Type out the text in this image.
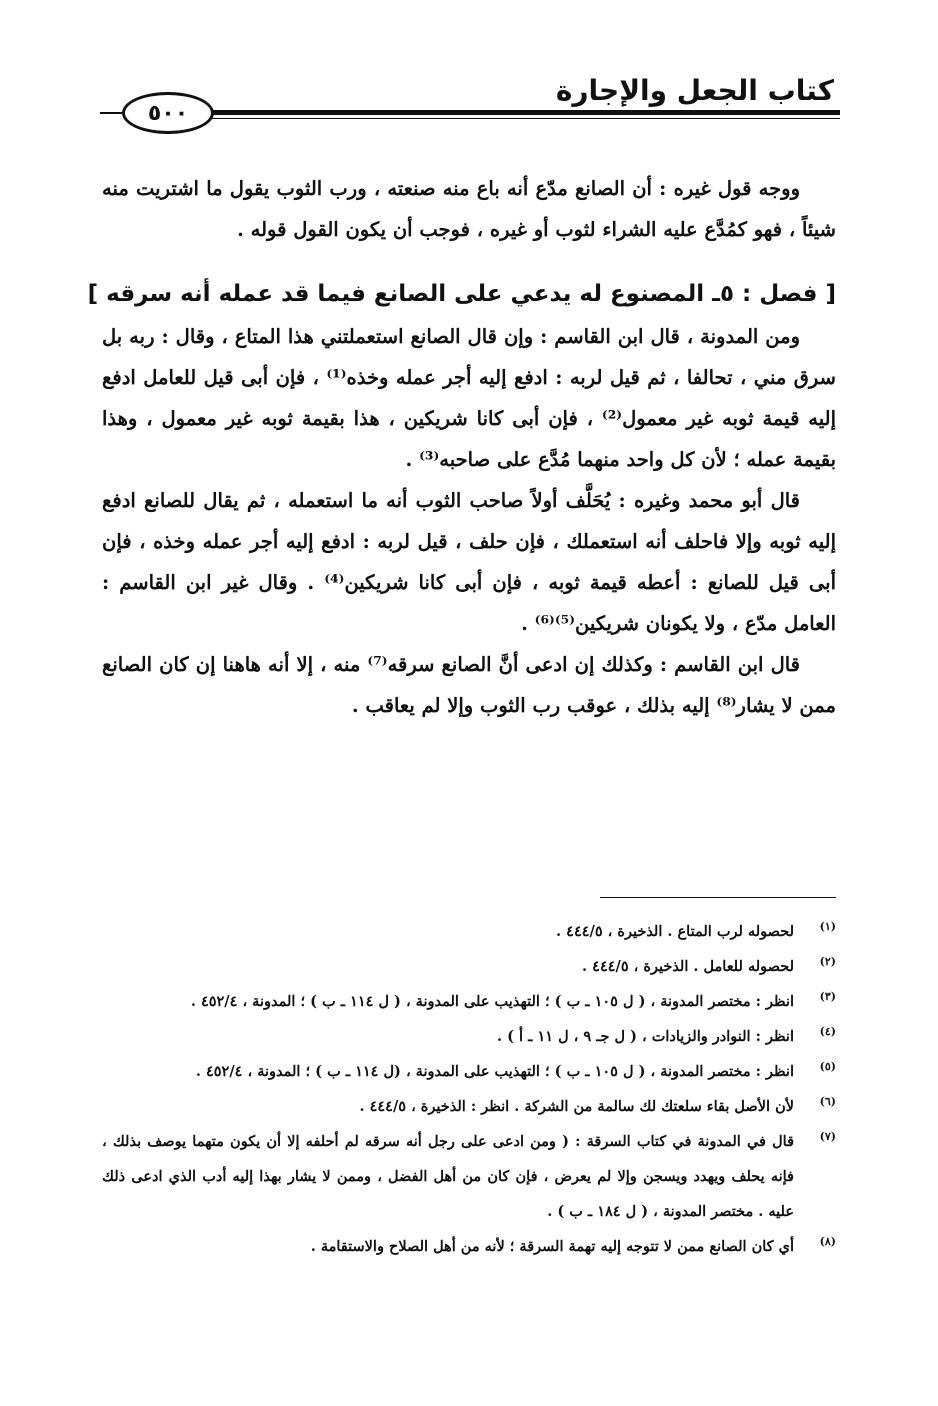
كتاب الجعل والإجارة
٥٠٠

ووجه قول غيره : أن الصانع مدّع أنه باع منه صنعته ، ورب الثوب يقول ما اشتريت منه شيئاً ، فهو كمُدَّع عليه الشراء لثوب أو غيره ، فوجب أن يكون القول قوله .

[ فصل : ٥ـ المصنوع له يدعي على الصانع فيما قد عمله أنه سرقه ]

ومن المدونة ، قال ابن القاسم : وإن قال الصانع استعملتني هذا المتاع ، وقال : ربه بل سرق مني ، تحالفا ، ثم قيل لربه : ادفع إليه أجر عمله وخذه⁽¹⁾ ، فإن أبى قيل للعامل ادفع إليه قيمة ثوبه غير معمول⁽²⁾ ، فإن أبى كانا شريكين ، هذا بقيمة ثوبه غير معمول ، وهذا بقيمة عمله ؛ لأن كل واحد منهما مُدَّع على صاحبه⁽³⁾ .

قال أبو محمد وغيره : يُحَلَّف أولاً صاحب الثوب أنه ما استعمله ، ثم يقال للصانع ادفع إليه ثوبه وإلا فاحلف أنه استعملك ، فإن حلف ، قيل لربه : ادفع إليه أجر عمله وخذه ، فإن أبى قيل للصانع : أعطه قيمة ثوبه ، فإن أبى كانا شريكين⁽⁴⁾ . وقال غير ابن القاسم : العامل مدّع ، ولا يكونان شريكين⁽⁵⁾⁽⁶⁾ .

قال ابن القاسم : وكذلك إن ادعى أنَّ الصانع سرقه⁽⁷⁾ منه ، إلا أنه هاهنا إن كان الصانع ممن لا يشار⁽⁸⁾ إليه بذلك ، عوقب رب الثوب وإلا لم يعاقب .

(١)
لحصوله لرب المتاع . الذخيرة ، ٤٤٤/٥ .
(٢)
لحصوله للعامل . الذخيرة ، ٤٤٤/٥ .
(٣)
انظر : مختصر المدونة ، ( ل ١٠٥ ـ ب ) ؛ التهذيب على المدونة ، ( ل ١١٤ ـ ب ) ؛ المدونة ، ٤٥٢/٤ .
(٤)
انظر : النوادر والزيادات ، ( ل جـ ٩ ، ل ١١ ـ أ ) .
(٥)
انظر : مختصر المدونة ، ( ل ١٠٥ ـ ب ) ؛ التهذيب على المدونة ، (ل ١١٤ ـ ب ) ؛ المدونة ، ٤٥٢/٤ .
(٦)
لأن الأصل بقاء سلعتك لك سالمة من الشركة . انظر : الذخيرة ، ٤٤٤/٥ .
(٧)
قال في المدونة في كتاب السرقة : ( ومن ادعى على رجل أنه سرقه لم أحلفه إلا أن يكون متهما يوصف بذلك ، فإنه يحلف ويهدد ويسجن وإلا لم يعرض ، فإن كان من أهل الفضل ، وممن لا يشار بهذا إليه أدب الذي ادعى ذلك عليه . مختصر المدونة ، ( ل ١٨٤ ـ ب ) .
(٨)
أي كان الصانع ممن لا تتوجه إليه تهمة السرقة ؛ لأنه من أهل الصلاح والاستقامة .
